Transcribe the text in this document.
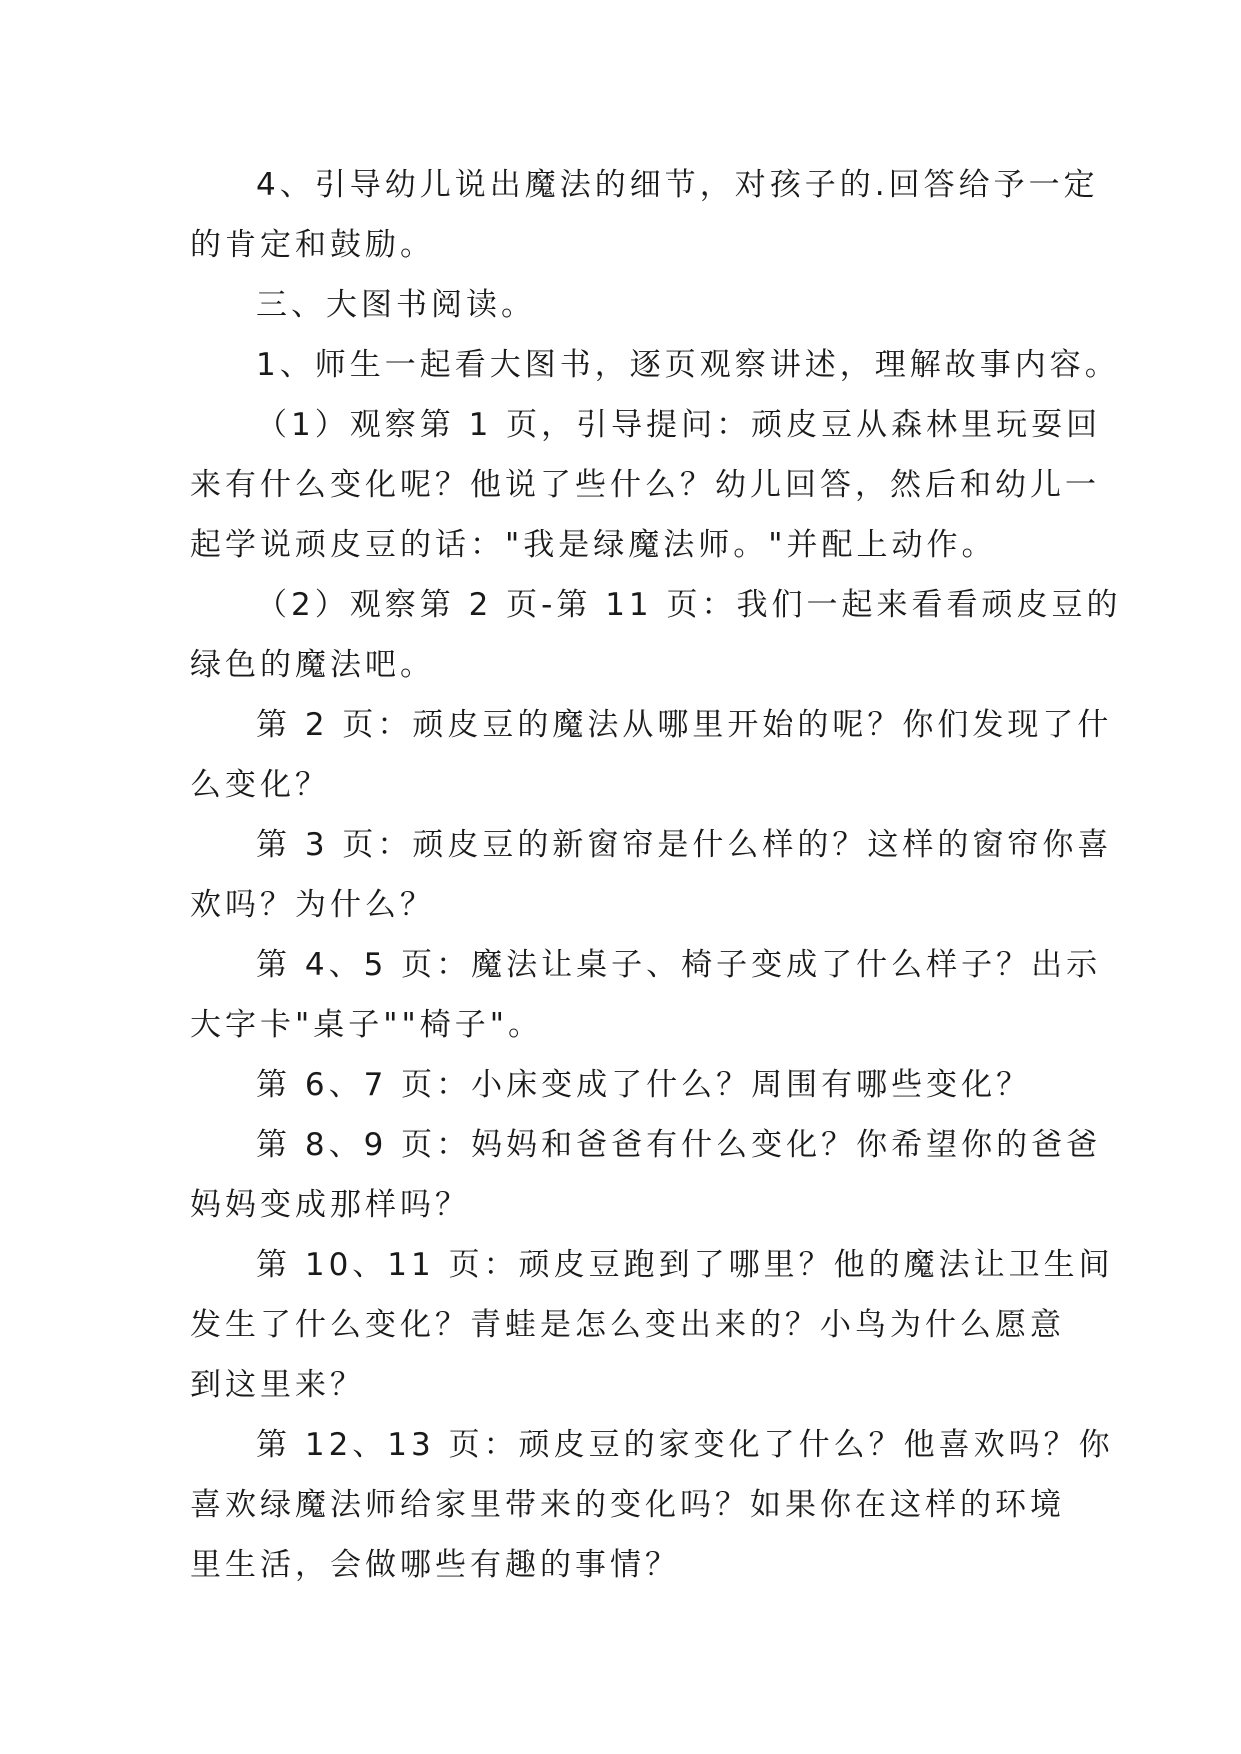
4、引导幼儿说出魔法的细节，对孩子的.回答给予一定
的肯定和鼓励。
三、大图书阅读。
1、师生一起看大图书，逐页观察讲述，理解故事内容。
（1）观察第 1 页，引导提问：顽皮豆从森林里玩耍回
来有什么变化呢？他说了些什么？幼儿回答，然后和幼儿一
起学说顽皮豆的话："我是绿魔法师。"并配上动作。
（2）观察第 2 页-第 11 页：我们一起来看看顽皮豆的
绿色的魔法吧。
第 2 页：顽皮豆的魔法从哪里开始的呢？你们发现了什
么变化？
第 3 页：顽皮豆的新窗帘是什么样的？这样的窗帘你喜
欢吗？为什么？
第 4、5 页：魔法让桌子、椅子变成了什么样子？出示
大字卡"桌子""椅子"。
第 6、7 页：小床变成了什么？周围有哪些变化？
第 8、9 页：妈妈和爸爸有什么变化？你希望你的爸爸
妈妈变成那样吗？
第 10、11 页：顽皮豆跑到了哪里？他的魔法让卫生间
发生了什么变化？青蛙是怎么变出来的？小鸟为什么愿意
到这里来？
第 12、13 页：顽皮豆的家变化了什么？他喜欢吗？你
喜欢绿魔法师给家里带来的变化吗？如果你在这样的环境
里生活，会做哪些有趣的事情？
